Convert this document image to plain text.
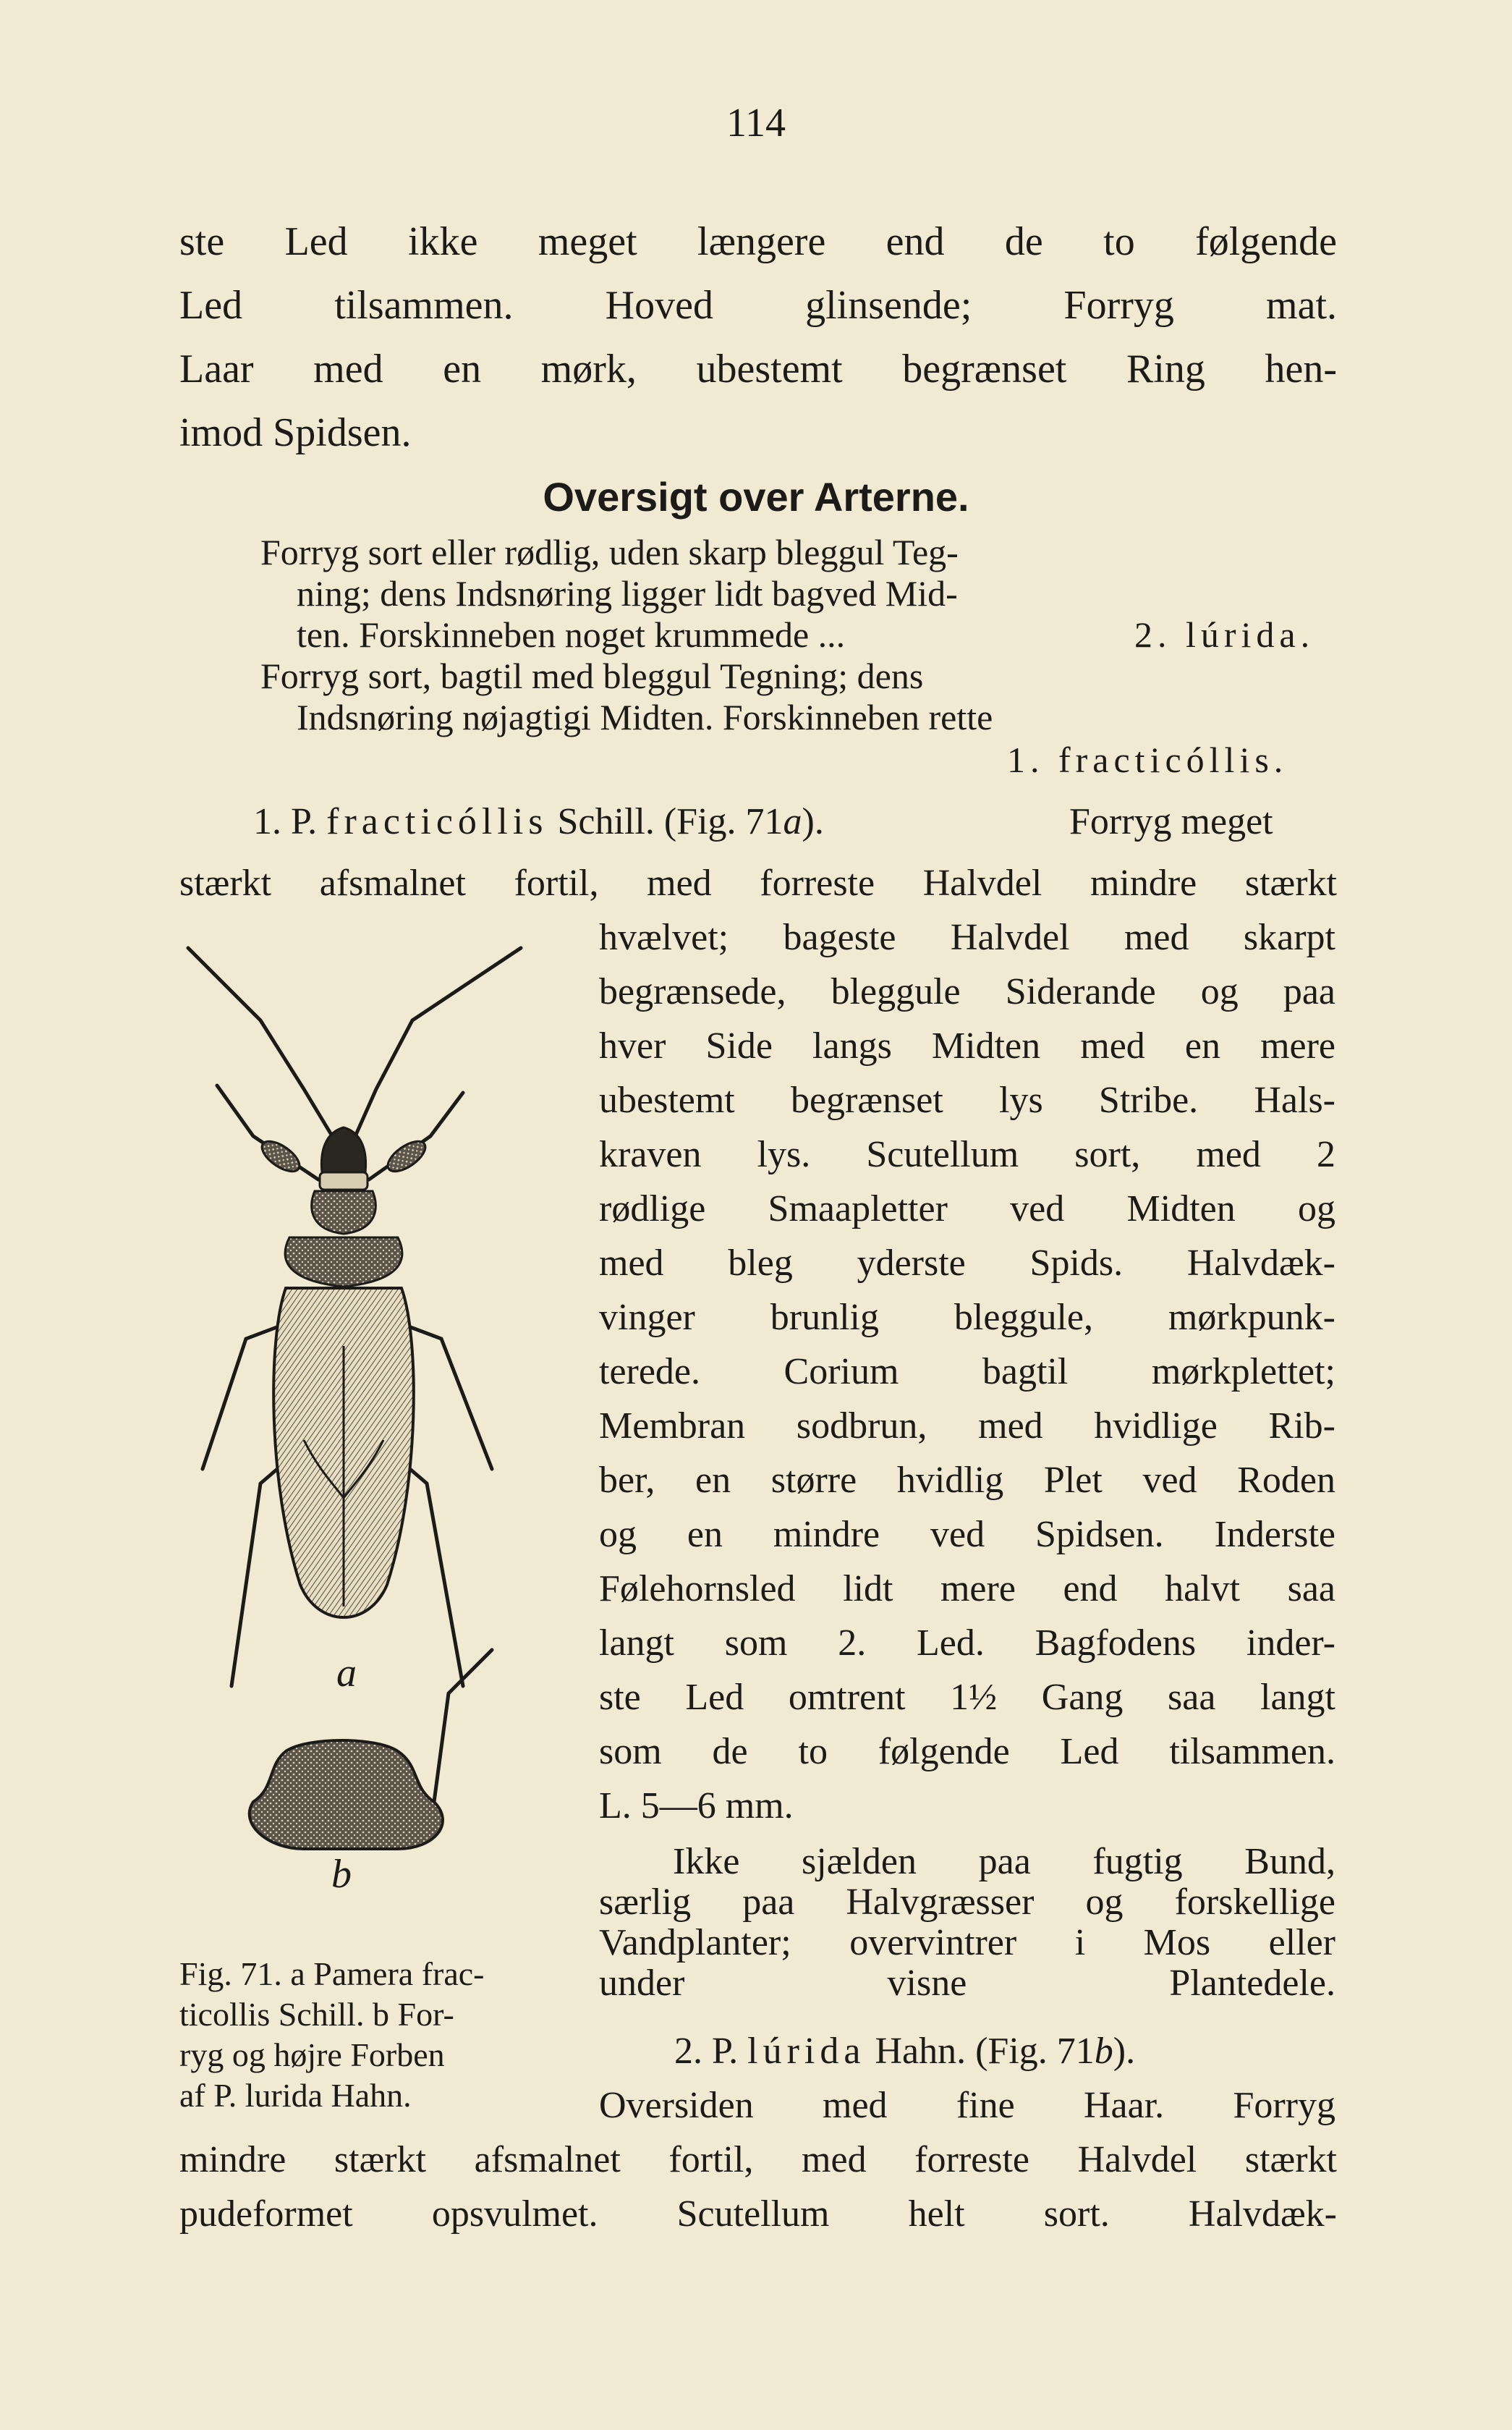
114
ste Led ikke meget længere end de to følgende
Led tilsammen. Hoved glinsende; Forryg mat.
Laar med en mørk, ubestemt begrænset Ring hen-
imod Spidsen.
Oversigt over Arterne.
Forryg sort eller rødlig, uden skarp bleggul Teg-
ning; dens Indsnøring ligger lidt bagved Mid-
ten. Forskinneben noget krummede ...	2. lúrida.
Forryg sort, bagtil med bleggul Tegning; dens
Indsnøring nøjagtigi Midten. Forskinneben rette
1. fracticóllis.
1. P. fracticóllis Schill. (Fig. 71a).	Forryg meget
stærkt afsmalnet fortil, med forreste Halvdel mindre stærkt
hvælvet; bageste Halvdel med skarpt
begrænsede, bleggule Siderande og paa
hver Side langs Midten med en mere
ubestemt begrænset lys Stribe. Hals-
kraven lys. Scutellum sort, med 2
rødlige Smaapletter ved Midten og
med bleg yderste Spids. Halvdæk-
vinger brunlig bleggule, mørkpunk-
terede. Corium bagtil mørkplettet;
Membran sodbrun, med hvidlige Rib-
ber, en større hvidlig Plet ved Roden
og en mindre ved Spidsen. Inderste
Følehornsled lidt mere end halvt saa
langt som 2. Led. Bagfodens inder-
ste Led omtrent 1½ Gang saa langt
som de to følgende Led tilsammen.
L. 5—6 mm.
Ikke sjælden paa fugtig Bund,
særlig paa Halvgræsser og forskellige
Vandplanter; overvintrer i Mos eller
under visne Plantedele.
2. P. lúrida Hahn. (Fig. 71b).
Oversiden med fine Haar. Forryg
mindre stærkt afsmalnet fortil, med forreste Halvdel stærkt
pudeformet opsvulmet. Scutellum helt sort. Halvdæk-
a
b
Fig. 71. a Pamera frac-
ticollis Schill. b For-
ryg og højre Forben
af P. lurida Hahn.
